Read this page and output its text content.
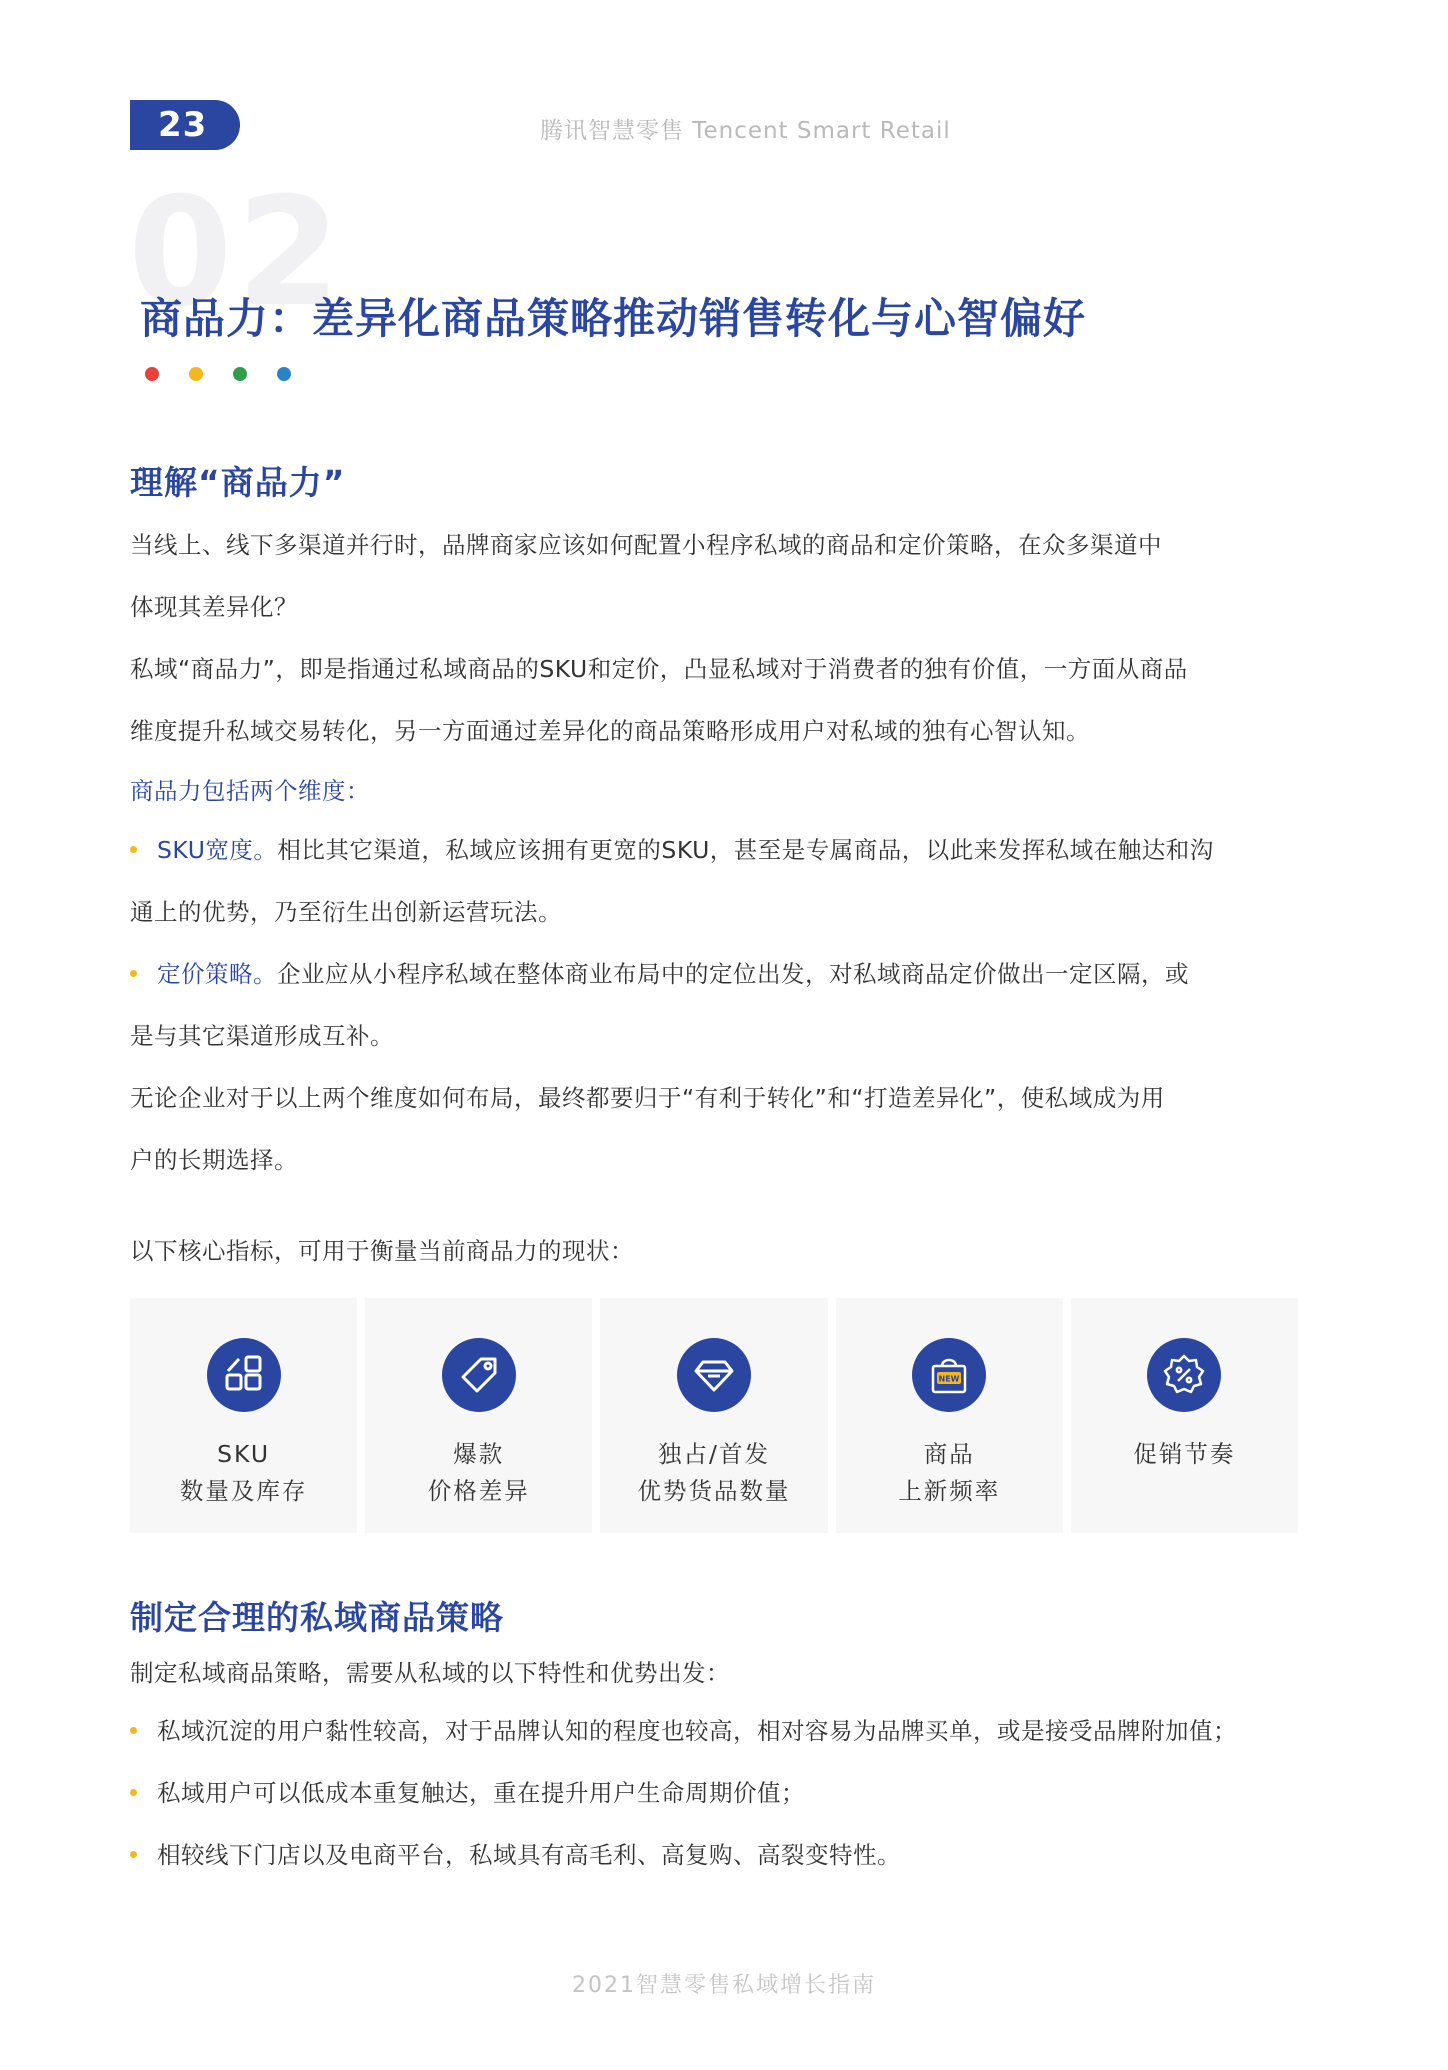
23	腾讯智慧零售 Tencent Smart Retail
02
商品力：差异化商品策略推动销售转化与心智偏好
理解“商品力”
当线上、线下多渠道并行时，品牌商家应该如何配置小程序私域的商品和定价策略，在众多渠道中
体现其差异化？
私域“商品力”，即是指通过私域商品的SKU和定价，凸显私域对于消费者的独有价值，一方面从商品
维度提升私域交易转化，另一方面通过差异化的商品策略形成用户对私域的独有心智认知。
商品力包括两个维度：
SKU宽度。相比其它渠道，私域应该拥有更宽的SKU，甚至是专属商品，以此来发挥私域在触达和沟
通上的优势，乃至衍生出创新运营玩法。
定价策略。企业应从小程序私域在整体商业布局中的定位出发，对私域商品定价做出一定区隔，或
是与其它渠道形成互补。
无论企业对于以上两个维度如何布局，最终都要归于“有利于转化”和“打造差异化”，使私域成为用
户的长期选择。
以下核心指标，可用于衡量当前商品力的现状：
SKU
数量及库存
爆款
价格差异
独占/首发
优势货品数量
NEW
商品
上新频率
促销节奏
制定合理的私域商品策略
制定私域商品策略，需要从私域的以下特性和优势出发：
私域沉淀的用户黏性较高，对于品牌认知的程度也较高，相对容易为品牌买单，或是接受品牌附加值；
私域用户可以低成本重复触达，重在提升用户生命周期价值；
相较线下门店以及电商平台，私域具有高毛利、高复购、高裂变特性。
2021智慧零售私域增长指南
